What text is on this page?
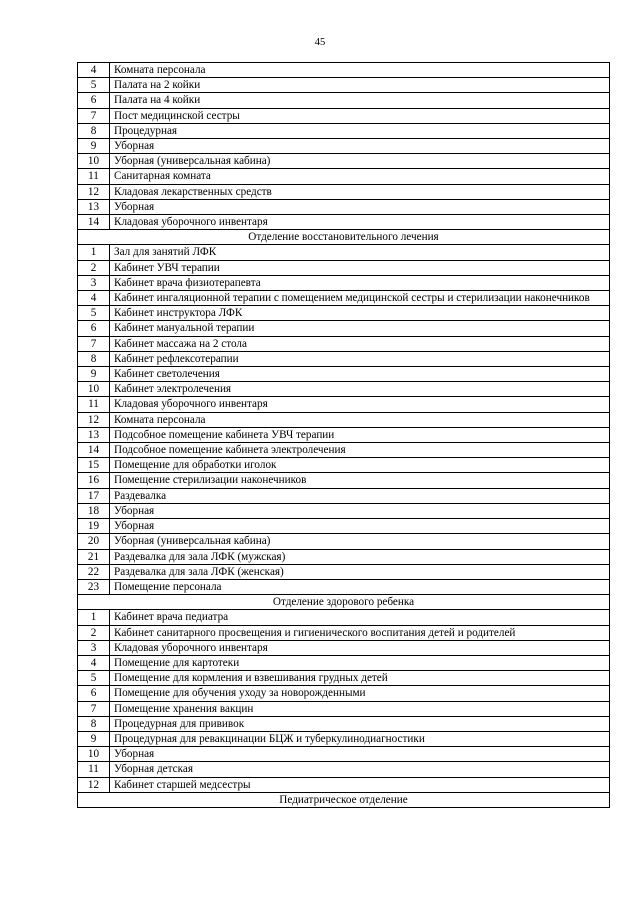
45
4	Комната персонала
5	Палата на 2 койки
6	Палата на 4 койки
7	Пост медицинской сестры
8	Процедурная
9	Уборная
10	Уборная (универсальная кабина)
11	Санитарная комната
12	Кладовая лекарственных средств
13	Уборная
14	Кладовая уборочного инвентаря
Отделение восстановительного лечения	
1	Зал для занятий ЛФК
2	Кабинет УВЧ терапии
3	Кабинет врача физиотерапевта
4	Кабинет ингаляционной терапии с помещением медицинской сестры и стерилизации наконечников
5	Кабинет инструктора ЛФК
6	Кабинет мануальной терапии
7	Кабинет массажа на 2 стола
8	Кабинет рефлексотерапии
9	Кабинет светолечения
10	Кабинет электролечения
11	Кладовая уборочного инвентаря
12	Комната персонала
13	Подсобное помещение кабинета УВЧ терапии
14	Подсобное помещение кабинета электролечения
15	Помещение для обработки иголок
16	Помещение стерилизации наконечников
17	Раздевалка
18	Уборная
19	Уборная
20	Уборная (универсальная кабина)
21	Раздевалка для зала ЛФК (мужская)
22	Раздевалка для зала ЛФК (женская)
23	Помещение персонала
Отделение здорового ребенка	
1	Кабинет врача педиатра
2	Кабинет санитарного просвещения и гигиенического воспитания детей и родителей
3	Кладовая уборочного инвентаря
4	Помещение для картотеки
5	Помещение для кормления и взвешивания грудных детей
6	Помещение для обучения уходу за новорожденными
7	Помещение хранения вакцин
8	Процедурная для прививок
9	Процедурная для ревакцинации БЦЖ и туберкулинодиагностики
10	Уборная
11	Уборная детская
12	Кабинет старшей медсестры
Педиатрическое отделение	
